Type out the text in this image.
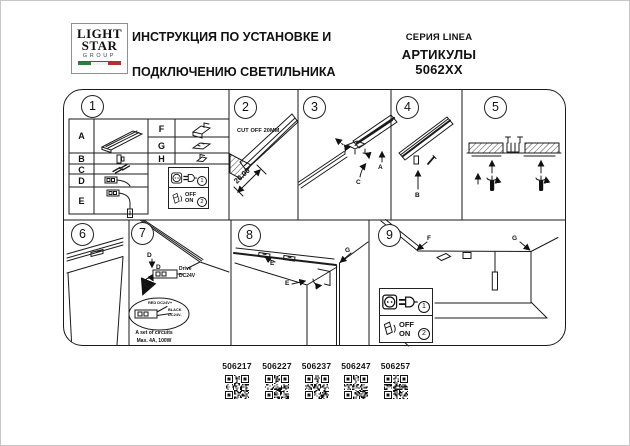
LIGHT
STAR
GROUP
ИНСТРУКЦИЯ ПО УСТАНОВКЕ И

ПОДКЛЮЧЕНИЮ СВЕТИЛЬНИКА

СЕРИЯ LINEA
АРТИКУЛЫ 5062XX
1	2	3	4	5
6	7	8	9
A
B
C
D
E
F
G
H
CUT OFF 20MM
20.00	A
C
B
D
D	Drive
DC24V
RED DC24V+
BLACK
DC24V-
A set of circuits
Max. 4A, 100W
E
E
G
F	G
1
OFF
ON	2
1
OFF
ON	2
506217	506227	506237	506247	506257
